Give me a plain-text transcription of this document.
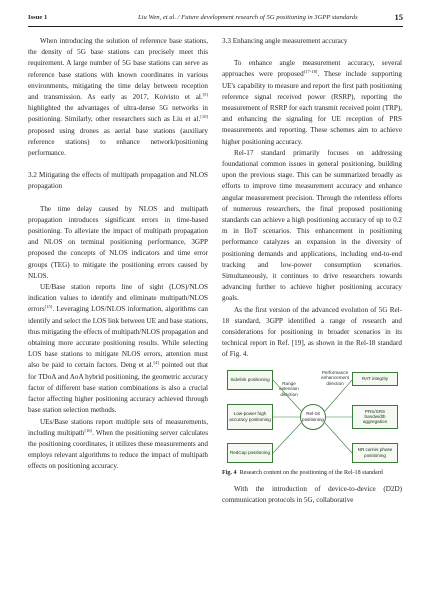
Issue 1	Liu Wen, et al. / Future development research of 5G positioning in 3GPP standards	15

When introducing the solution of reference base stations, the density of 5G base stations can precisely meet this requirement. A large number of 5G base stations can serve as reference base stations with known coordinates in various environments, mitigating the time delay between reception and transmission. As early as 2017, Koivisto et al.[5] highlighted the advantages of ultra-dense 5G networks in positioning. Similarly, other researchers such as Liu et al.[10] proposed using drones as aerial base stations (auxiliary reference stations) to enhance network/positioning performance.

3.2 Mitigating the effects of multipath propagation and NLOS propagation

The time delay caused by NLOS and multipath propagation introduces significant errors in time-based positioning. To alleviate the impact of multipath propagation and NLOS on terminal positioning performance, 3GPP proposed the concepts of NLOS indicators and time error groups (TEG) to mitigate the positioning errors caused by NLOS.

UE/Base station reports line of sight (LOS)/NLOS indication values to identify and eliminate multipath/NLOS errors[15]. Leveraging LOS/NLOS information, algorithms can identify and select the LOS link between UE and base stations, thus mitigating the effects of multipath/NLOS propagation and obtaining more accurate positioning results. While selecting LOS base stations to mitigate NLOS errors, attention must also be paid to certain factors. Deng et al.[4] pointed out that for TDoA and AoA hybrid positioning, the geometric accuracy factor of different base station combinations is also a crucial factor affecting higher positioning accuracy achieved through base station selection methods.

UEs/Base stations report multiple sets of measurements, including multipath[16]. When the positioning server calculates the positioning coordinates, it utilizes these measurements and employs relevant algorithms to reduce the impact of multipath effects on positioning accuracy.

3.3 Enhancing angle measurement accuracy

To enhance angle measurement accuracy, several approaches were proposed[17-18]. These include supporting UE's capability to measure and report the first path positioning reference signal received power (RSRP), reporting the measurement of RSRP for each transmit received point (TRP), and enhancing the signaling for UE reception of PRS measurements and reporting. These schemes aim to achieve higher positioning accuracy.

Rel-17 standard primarily focuses on addressing foundational common issues in general positioning, building upon the previous stage. This can be summarized broadly as efforts to improve time measurement accuracy and enhance angular measurement precision. Through the relentless efforts of numerous researchers, the final proposed positioning standards can achieve a high positioning accuracy of up to 0.2 m in IIoT scenarios. This enhancement in positioning performance catalyzes an expansion in the diversity of positioning demands and applications, including end-to-end tracking and low-power consumption scenarios. Simultaneously, it continues to drive researchers towards advancing further to achieve higher positioning accuracy goals.

As the first version of the advanced evolution of 5G Rel-18 standard, 3GPP identified a range of research and considerations for positioning in broader scenarios in its technical report in Ref. [19], as shown in the Rel-18 standard of Fig. 4.

Sidelink positioning
Low-power high accuracy positioning
RedCap positioning
RAT integrity
PRS/SRS bandwidth aggregation
NR carrier phase positioning
Range extension direction
Performance enhancement direction
Rel-18 positioning
Fig. 4 Research content on the positioning of the Rel-18 standard

With the introduction of device-to-device (D2D) communication protocols in 5G, collaborative
